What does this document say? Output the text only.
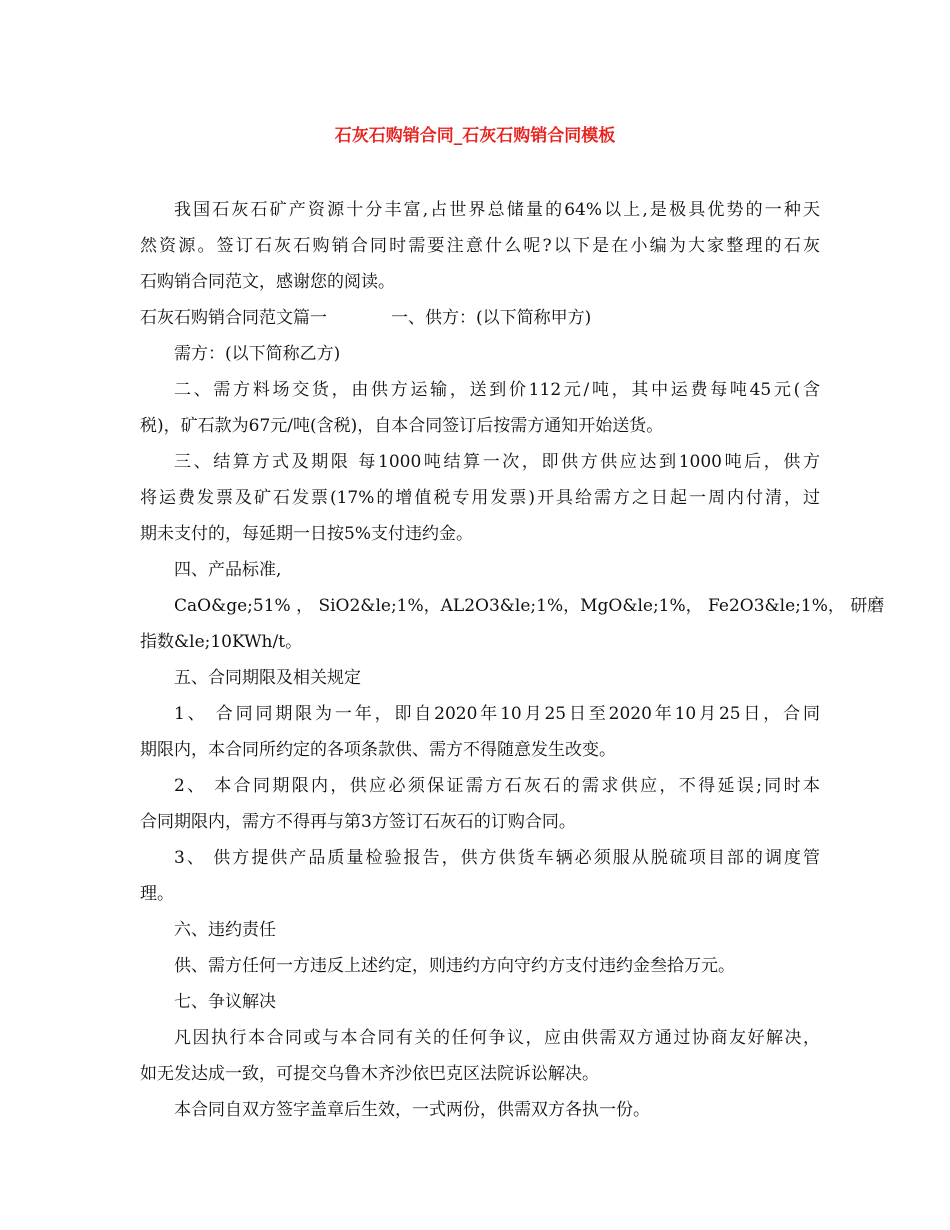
石灰石购销合同_石灰石购销合同模板
我国石灰石矿产资源十分丰富,占世界总储量的64%以上,是极具优势的一种天
然资源。签订石灰石购销合同时需要注意什么呢?以下是在小编为大家整理的石灰
石购销合同范文，感谢您的阅读。
石灰石购销合同范文篇一	一、供方：(以下简称甲方)
需方：(以下简称乙方)
二、需方料场交货，由供方运输，送到价112元/吨，其中运费每吨45元(含
税)，矿石款为67元/吨(含税)，自本合同签订后按需方通知开始送货。
三、结算方式及期限 每1000吨结算一次，即供方供应达到1000吨后，供方
将运费发票及矿石发票(17%的增值税专用发票)开具给需方之日起一周内付清，过
期未支付的，每延期一日按5%支付违约金。
四、产品标准,
CaO&ge;51% ， SiO2&le;1%，AL2O3&le;1%，MgO&le;1%， Fe2O3&le;1%， 研磨
指数&le;10KWh/t。
五、合同期限及相关规定
1、 合同同期限为一年，即自2020年10月25日至2020年10月25日，合同
期限内，本合同所约定的各项条款供、需方不得随意发生改变。
2、 本合同期限内，供应必须保证需方石灰石的需求供应，不得延误;同时本
合同期限内，需方不得再与第3方签订石灰石的订购合同。
3、 供方提供产品质量检验报告，供方供货车辆必须服从脱硫项目部的调度管
理。
六、违约责任
供、需方任何一方违反上述约定，则违约方向守约方支付违约金叁拾万元。
七、争议解决
凡因执行本合同或与本合同有关的任何争议，应由供需双方通过协商友好解决，
如无发达成一致，可提交乌鲁木齐沙依巴克区法院诉讼解决。
本合同自双方签字盖章后生效，一式两份，供需双方各执一份。
